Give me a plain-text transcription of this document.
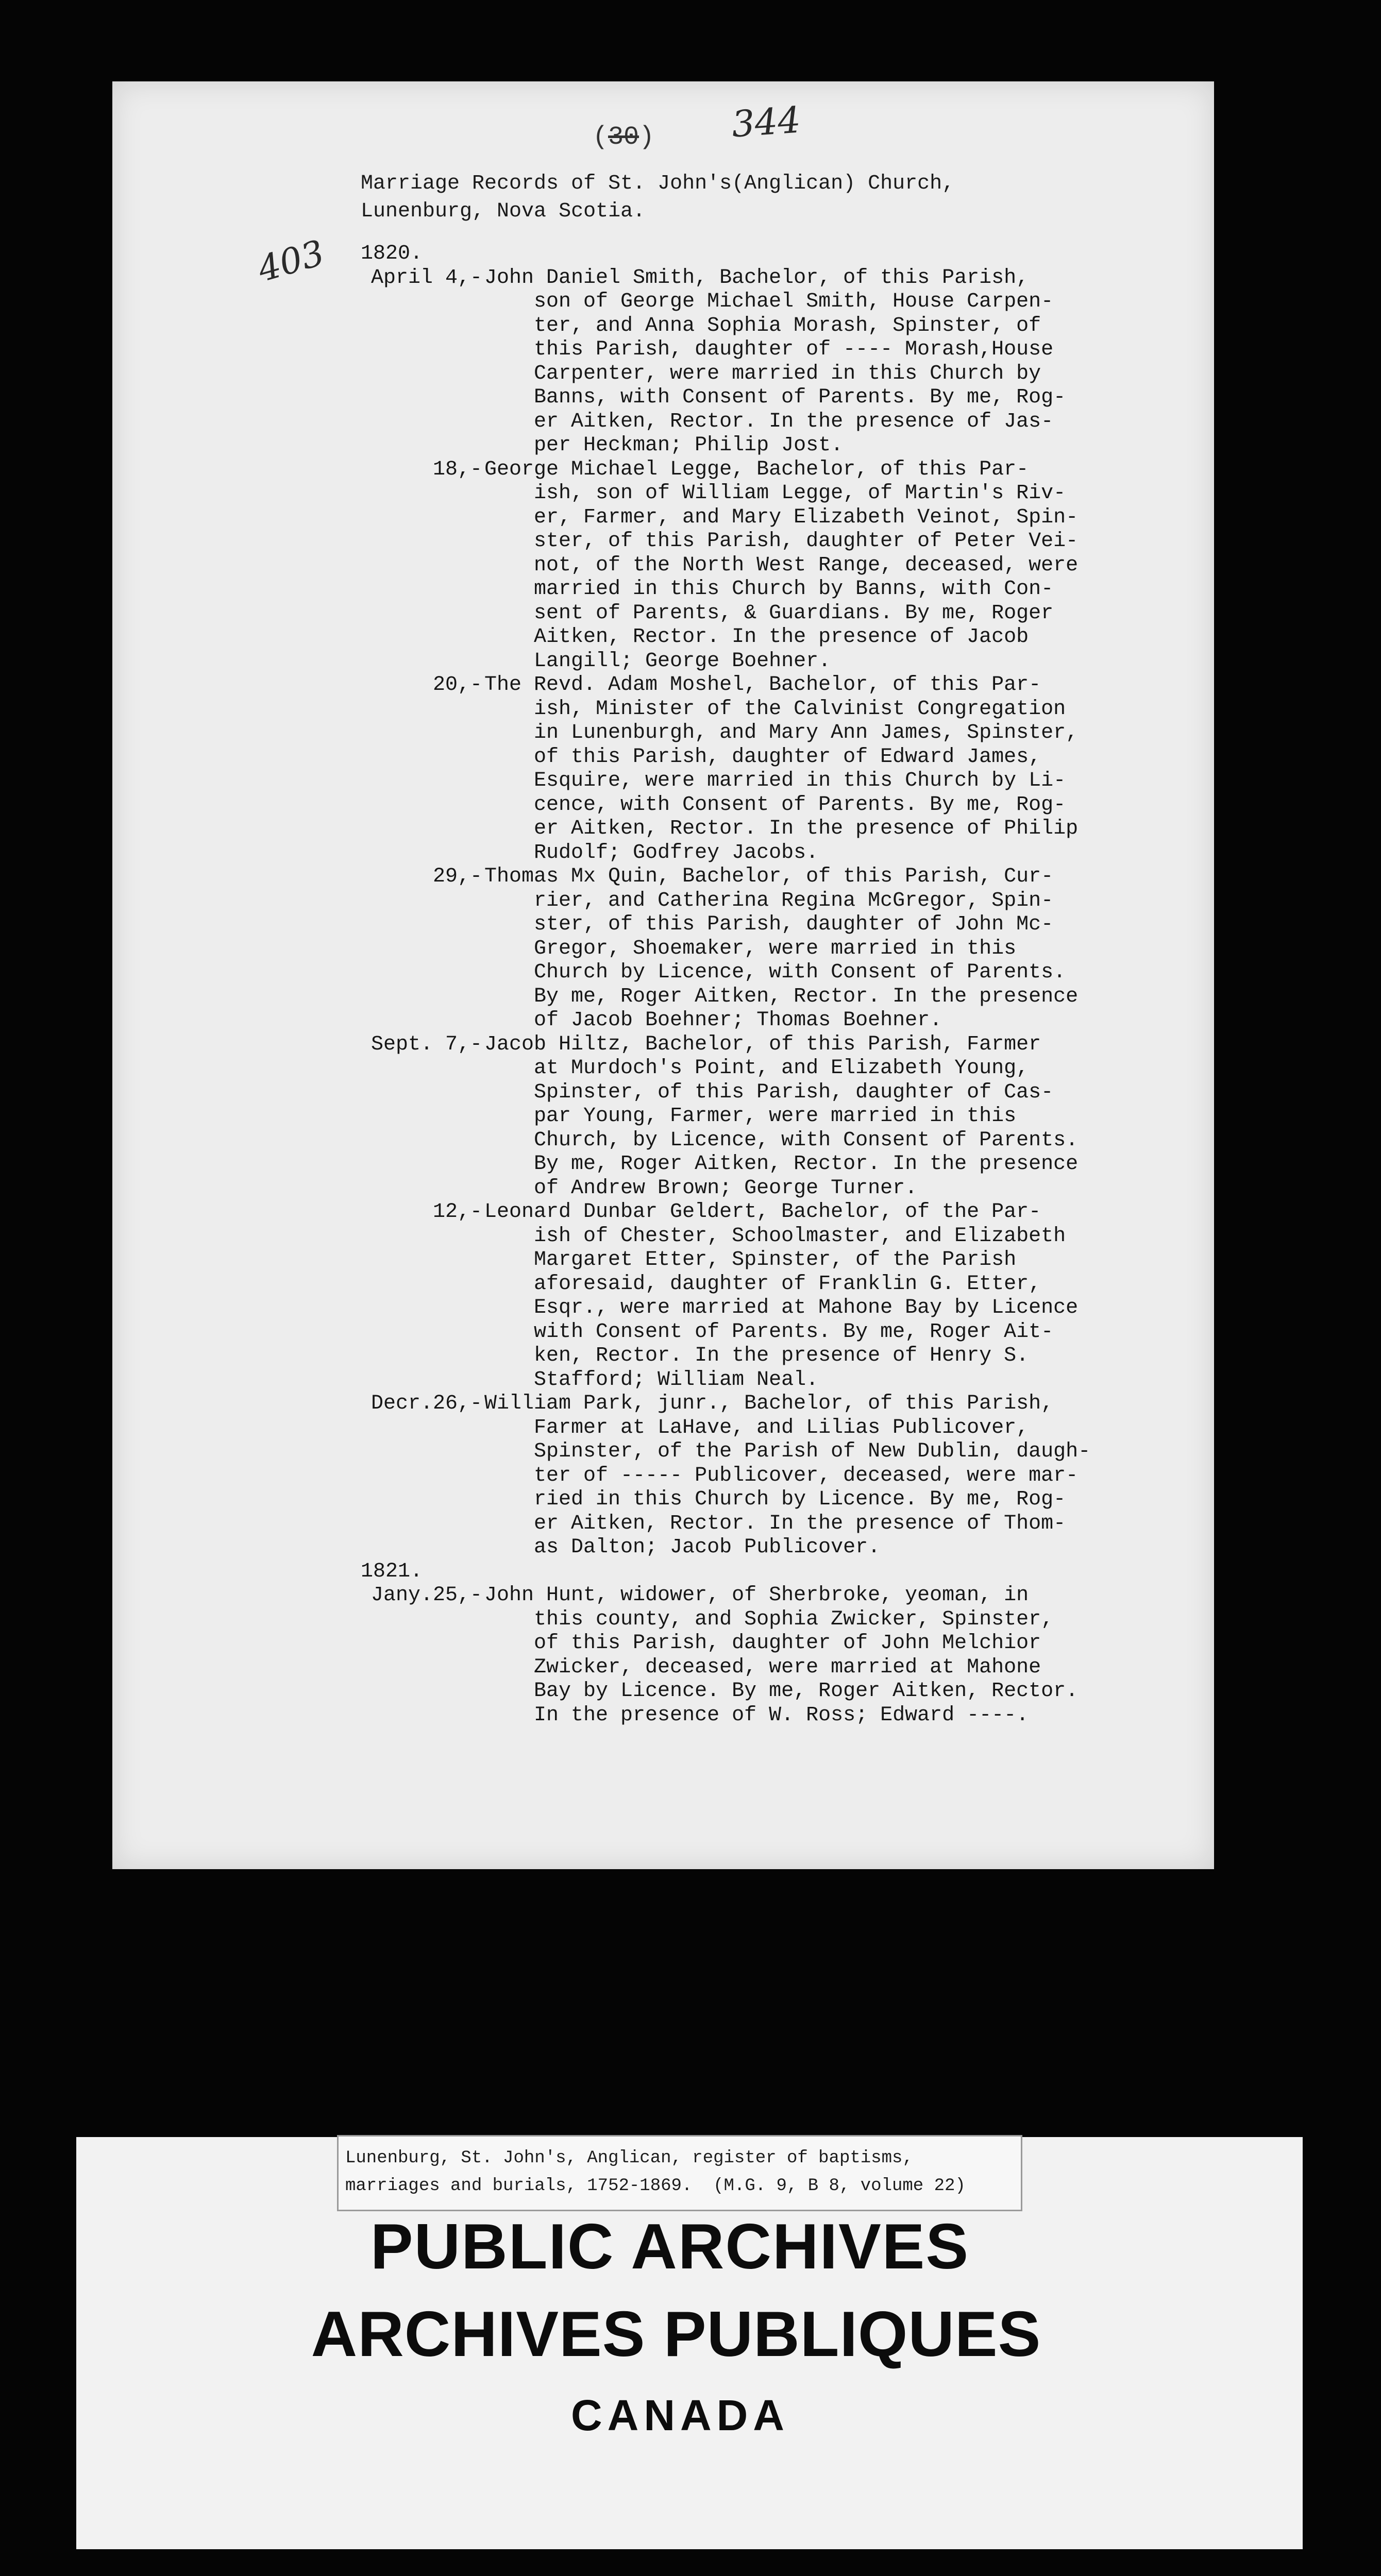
(30) 344
403
Marriage Records of St. John's(Anglican) Church,
Lunenburg, Nova Scotia.
1820.
April 4,- John Daniel Smith, Bachelor, of this Parish,
son of George Michael Smith, House Carpen-
ter, and Anna Sophia Morash, Spinster, of
this Parish, daughter of ---- Morash,House
Carpenter, were married in this Church by
Banns, with Consent of Parents. By me, Rog-
er Aitken, Rector. In the presence of Jas-
per Heckman; Philip Jost.
18,- George Michael Legge, Bachelor, of this Par-
ish, son of William Legge, of Martin's Riv-
er, Farmer, and Mary Elizabeth Veinot, Spin-
ster, of this Parish, daughter of Peter Vei-
not, of the North West Range, deceased, were
married in this Church by Banns, with Con-
sent of Parents, & Guardians. By me, Roger
Aitken, Rector. In the presence of Jacob
Langill; George Boehner.
20,- The Revd. Adam Moshel, Bachelor, of this Par-
ish, Minister of the Calvinist Congregation
in Lunenburgh, and Mary Ann James, Spinster,
of this Parish, daughter of Edward James,
Esquire, were married in this Church by Li-
cence, with Consent of Parents. By me, Rog-
er Aitken, Rector. In the presence of Philip
Rudolf; Godfrey Jacobs.
29,- Thomas Mx Quin, Bachelor, of this Parish, Cur-
rier, and Catherina Regina McGregor, Spin-
ster, of this Parish, daughter of John Mc-
Gregor, Shoemaker, were married in this
Church by Licence, with Consent of Parents.
By me, Roger Aitken, Rector. In the presence
of Jacob Boehner; Thomas Boehner.
Sept. 7,- Jacob Hiltz, Bachelor, of this Parish, Farmer
at Murdoch's Point, and Elizabeth Young,
Spinster, of this Parish, daughter of Cas-
par Young, Farmer, were married in this
Church, by Licence, with Consent of Parents.
By me, Roger Aitken, Rector. In the presence
of Andrew Brown; George Turner.
12,- Leonard Dunbar Geldert, Bachelor, of the Par-
ish of Chester, Schoolmaster, and Elizabeth
Margaret Etter, Spinster, of the Parish
aforesaid, daughter of Franklin G. Etter,
Esqr., were married at Mahone Bay by Licence
with Consent of Parents. By me, Roger Ait-
ken, Rector. In the presence of Henry S.
Stafford; William Neal.
Decr.26,- William Park, junr., Bachelor, of this Parish,
Farmer at LaHave, and Lilias Publicover,
Spinster, of the Parish of New Dublin, daugh-
ter of ----- Publicover, deceased, were mar-
ried in this Church by Licence. By me, Rog-
er Aitken, Rector. In the presence of Thom-
as Dalton; Jacob Publicover.
1821.
Jany.25,- John Hunt, widower, of Sherbroke, yeoman, in
this county, and Sophia Zwicker, Spinster,
of this Parish, daughter of John Melchior
Zwicker, deceased, were married at Mahone
Bay by Licence. By me, Roger Aitken, Rector.
In the presence of W. Ross; Edward ----.
Lunenburg, St. John's, Anglican, register of baptisms,
marriages and burials, 1752-1869.  (M.G. 9, B 8, volume 22)
PUBLIC ARCHIVES
ARCHIVES PUBLIQUES
CANADA
